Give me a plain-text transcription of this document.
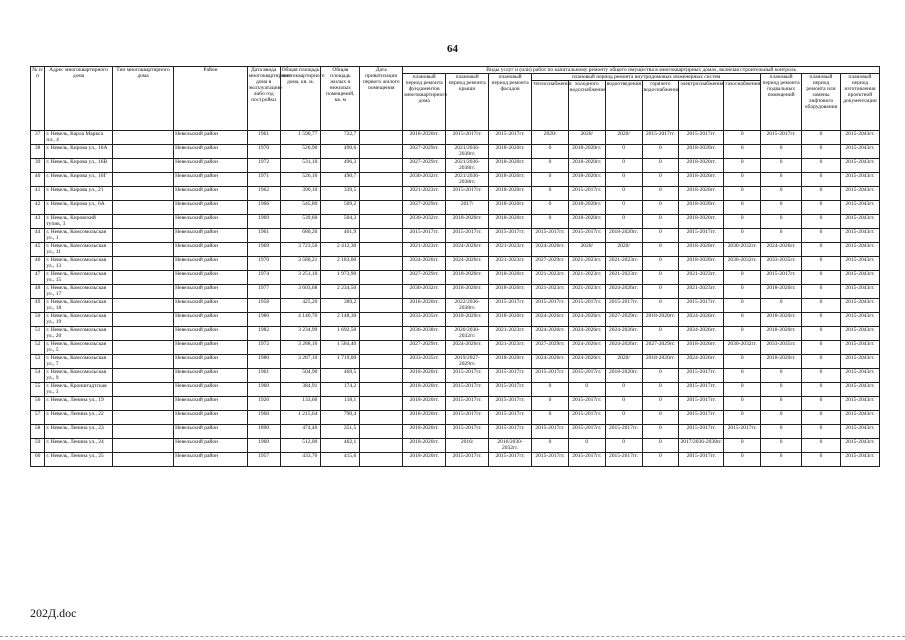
64
№ п/п	Адрес многоквартирного дома	Тип многоквартирного дома	Район	Дата ввода многоквартирного дома в эксплуатацию либо год постройки	Общая площадь многоквартирного дома, кв. м.	Общая площадь жилых и нежилых помещений, кв. м	Дата приватизации первого жилого помещения	Виды услуг и (или) работ по капитальному ремонту общего имущества в многоквартирных домах, включая строительный контроль											
								плановый период ремонта фундаментов многоквартирного дома	плановый период ремонта крыши	плановый период ремонта фасадов	плановый период ремонта внутридомовых инженерных систем						плановый период ремонта подвальных помещений	плановый период ремонта или замены лифтового оборудования	плановый период изготовления проектной документации
											теплоснабжения	холодного водоснабжения	водоотведения	горячего водоснабжения	электроснабжения	газоснабжения			
37	г. Невель, Карла Маркса пл., 4		Невельский район	1961	1 590,77	722,7		2018-2020гг.	2015-2017гг.	2015-2017гг.	2020/	2020/	2020/	2015-2017гг.	2015-2017гг.	0	2015-2017гг.	0	2015-2043гг.
38	г. Невель, Кирова ул., 16А		Невельский район	1970	526,90	490,6		2027-2029гг.	2021/2036-2038гг.	2018-2020гг.	0	2018-2020гг.	0	0	2018-2020гг.	0	0	0	2015-2043гг.
39	г. Невель, Кирова ул., 16В		Невельский район	1972	531,10	496,3		2027-2029гг.	2021/2036-2038гг.	2018-2020гг.	0	2018-2020гг.	0	0	2018-2020гг.	0	0	0	2015-2043гг.
40	г. Невель, Кирова ул., 16Г		Невельский район	1971	526,10	490,7		2030-2032гг.	2021/2036-2038гг.	2018-2020гг.	0	2018-2020гг.	0	0	2018-2020гг.	0	0	0	2015-2043гг.
41	г. Невель, Кирова ул., 21		Невельский район	1962	390,10	339,5		2021-2023гг.	2015-2017гг.	2018-2020гг.	0	2015-2017гг.	0	0	2018-2020гг.	0	0	0	2015-2043гг.
42	г. Невель, Кирова ул., 6А		Невельский район	1966	545,80	509,2		2027-2029гг.	2017/	2018-2020гг.	0	2018-2020гг.	0	0	2018-2020гг.	0	0	0	2015-2043гг.
43	г. Невель, Кировский тупик, 3		Невельский район	1969	539,60	504,3		2030-2032гг.	2018-2020гг.	2018-2020гг.	0	2018-2020гг.	0	0	2018-2020гг.	0	0	0	2015-2043гг.
44	г. Невель, Комсомольская ул., 1		Невельский район	1961	680,20	401,9		2015-2017гг.	2015-2017гг.	2015-2017гг.	2015-2017гг.	2015-2017гг.	2018-2020гг.	0	2015-2017гг.	0	0	0	2015-2043гг.
45	г. Невель, Комсомольская ул., 11		Невельский район	1969	3 723,50	2 412,30		2021-2023гг.	2024-2026гг.	2021-2023гг.	2024-2026гг.	2020/	2020/	0	2018-2020гг.	2030-2032гг.	2024-2026гг.	0	2015-2043гг.
46	г. Невель, Комсомольская ул., 13		Невельский район	1970	3 580,21	2 183,00		2024-2026гг.	2024-2026гг.	2021-2023гг.	2027-2029гг.	2021-2023гг.	2021-2023гг.	0	2018-2020гг.	2030-2032гг.	2033-2035гг.	0	2015-2043гг.
47	г. Невель, Комсомольская ул., 15		Невельский район	1974	3 251,10	1 973,90		2027-2029гг.	2018-2020гг.	2018-2020гг.	2021-2023гг.	2021-2023гг.	2021-2023гг.	0	2021-2023гг.	0	2015-2017гг.	0	2015-2043гг.
48	г. Невель, Комсомольская ул., 17		Невельский район	1977	3 603,68	2 234,50		2030-2032гг.	2018-2020гг.	2018-2020гг.	2021-2023гг.	2021-2023гг.	2024-2026гг.	0	2021-2023гг.	0	2018-2020гг.	0	2015-2043гг.
49	г. Невель, Комсомольская ул., 18		Невельский район	1958	425,20	389,2		2018-2020гг.	2022/2036-2038гг.	2015-2017гг.	2015-2017гг.	2015-2017гг.	2015-2017гг.	0	2015-2017гг.	0	0	0	2015-2043гг.
50	г. Невель, Комсомольская ул., 19		Невельский район	1980	4 146,70	2 148,30		2033-2035гг.	2018-2020гг.	2018-2020гг.	2024-2026гг.	2024-2026гг.	2027-2029гг.	2018-2020гг.	2024-2026гг.	0	2018-2020гг.	0	2015-2043гг.
51	г. Невель, Комсомольская ул., 20		Невельский район	1982	3 234,99	1 692,50		2036-2038гг.	2020/2030-2032гг.	2021-2023гг.	2024-2026гг.	2024-2026гг.	2024-2026гг.	0	2024-2026гг.	0	2018-2020гг.	0	2015-2043гг.
52	г. Невель, Комсомольская ул., 5		Невельский район	1972	3 288,10	1 584,40		2027-2029гг.	2024-2026гг.	2021-2023гг.	2027-2029гг.	2024-2026гг.	2024-2026гг.	2027-2029гг.	2018-2020гг.	2030-2032гг.	2033-2035гг.	0	2015-2043гг.
53	г. Невель, Комсомольская ул., 7		Невельский район	1980	3 287,10	1 719,00		2033-2035гг.	2019/2027-2029гг.	2018-2020гг.	2024-2026гг.	2024-2026гг.	2020/	2018-2020гг.	2024-2026гг.	0	2018-2020гг.	0	2015-2043гг.
54	г. Невель, Комсомольская ул., 9		Невельский район	1961	504,90	469,5		2018-2020гг.	2015-2017гг.	2015-2017гг.	2015-2017гг.	2015-2017гг.	2018-2020гг.	0	2015-2017гг.	0	0	0	2015-2043гг.
55	г. Невель, Кронштадтская ул., 3		Невельский район	1960	384,91	174,2		2018-2020гг.	2015-2017гг.	2015-2017гг.	0	0	0	0	2015-2017гг.	0	0	0	2015-2043гг.
56	г. Невель, Ленина ул., 19		Невельский район	1920	133,60	118,1		2018-2020гг.	2015-2017гг.	2015-2017гг.	0	2015-2017гг.	0	0	2015-2017гг.	0	0	0	2015-2043гг.
57	г. Невель, Ленина ул., 22		Невельский район	1960	1 215,64	790,4		2018-2020гг.	2015-2017гг.	2015-2017гг.	0	2015-2017гг.	0	0	2015-2017гг.	0	0	0	2015-2043гг.
58	г. Невель, Ленина ул., 23		Невельский район	1890	474,40	351,5		2018-2020гг.	2015-2017гг.	2015-2017гг.	2015-2017гг.	2015-2017гг.	2015-2017гг.	0	2015-2017гг.	2015-2017гг.	0	0	2015-2043гг.
59	г. Невель, Ленина ул., 24		Невельский район	1960	512,00	462,1		2018-2020гг.	2016/	2016/2030-2032гг.	0	0	0	0	2017/2036-2038гг.	0	0	0	2015-2043гг.
60	г. Невель, Ленина ул., 25		Невельский район	1957	433,70	415,6		2018-2020гг.	2015-2017гг.	2015-2017гг.	2015-2017гг.	2015-2017гг.	2015-2017гг.	0	2015-2017гг.	0	0	0	2015-2043гг.
202Д.doc
